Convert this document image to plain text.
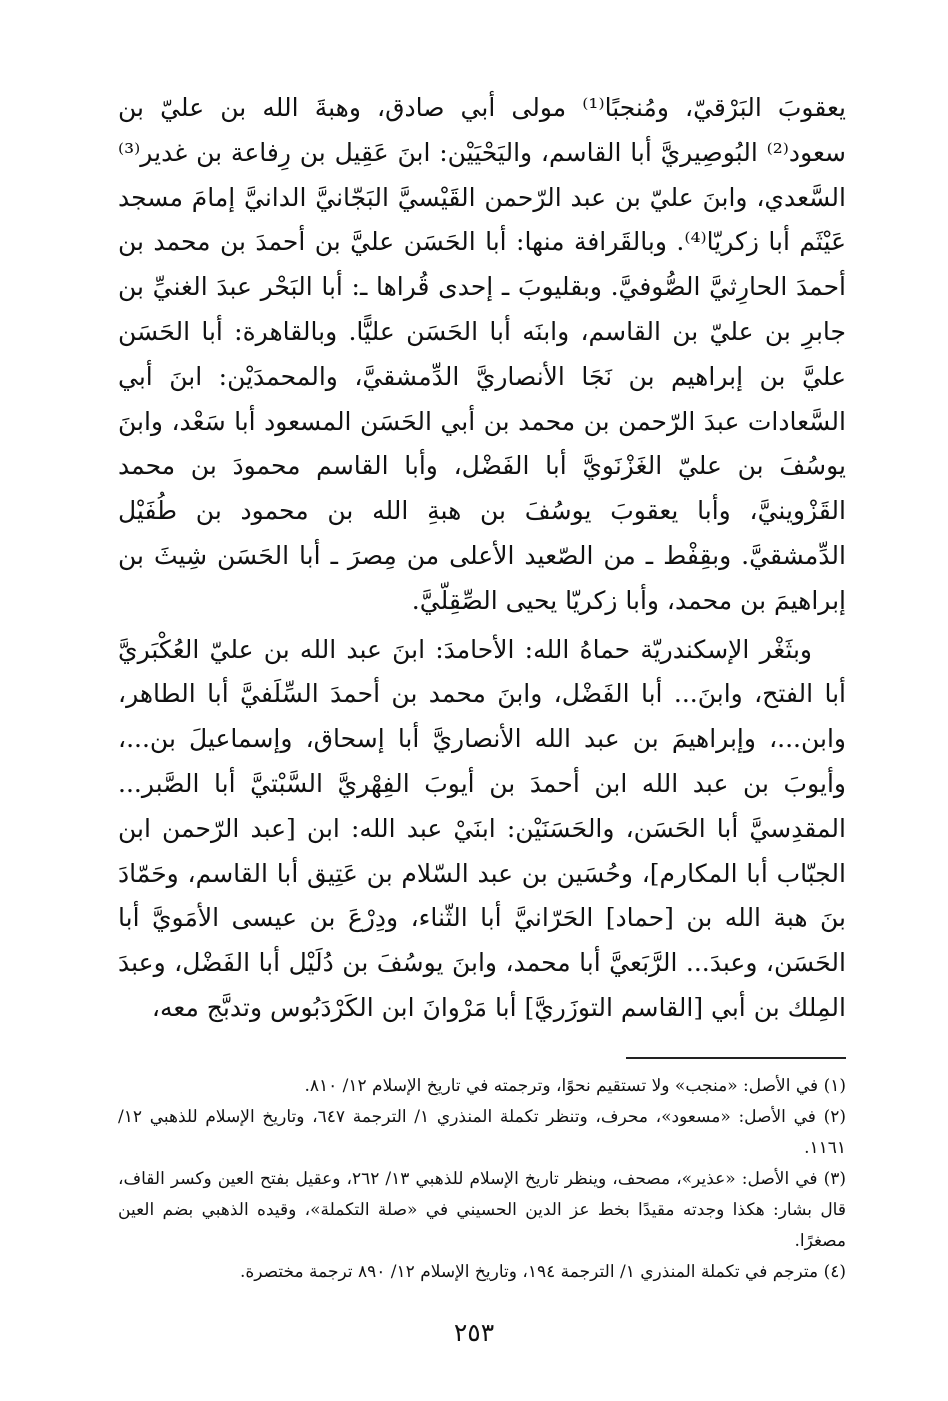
يعقوبَ البَرْقيّ، ومُنجبًا⁽¹⁾ مولى أبي صادق، وهبةَ الله بن عليّ بن سعود⁽²⁾ البُوصِيريَّ أبا القاسم، واليَحْيَيْن: ابنَ عَقِيل بن رِفاعة بن غدير⁽³⁾ السَّعدي، وابنَ عليّ بن عبد الرّحمن القَيْسيَّ البَجّانيَّ الدانيَّ إمامَ مسجد عَيْثَم أبا زكريّا⁽⁴⁾. وبالقَرافة منها: أبا الحَسَن عليَّ بن أحمدَ بن محمد بن أحمدَ الحارِثيَّ الصُّوفيَّ. وبقليوبَ ـ إحدى قُراها ـ: أبا البَحْر عبدَ الغنيِّ بن جابرِ بن عليّ بن القاسم، وابنَه أبا الحَسَن عليًّا. وبالقاهرة: أبا الحَسَن عليَّ بن إبراهيم بن نَجَا الأنصاريَّ الدِّمشقيَّ، والمحمدَيْن: ابنَ أبي السَّعادات عبدَ الرّحمن بن محمد بن أبي الحَسَن المسعود أبا سَعْد، وابنَ يوسُفَ بن عليّ الغَزْنَويَّ أبا الفَضْل، وأبا القاسم محمودَ بن محمد القَزْوينيَّ، وأبا يعقوبَ يوسُفَ بن هبةِ الله بن محمود بن طُفَيْل الدِّمشقيَّ. وبقِفْط ـ من الصّعيد الأعلى من مِصرَ ـ أبا الحَسَن شِيثَ بن إبراهيمَ بن محمد، وأبا زكريّا يحيى الصِّقِلّيَّ.

وبثَغْر الإسكندريّة حماهُ الله: الأحامدَ: ابنَ عبد الله بن عليّ العُكْبَريَّ أبا الفتح، وابنَ... أبا الفَضْل، وابنَ محمد بن أحمدَ السِّلَفيَّ أبا الطاهر، وابن...، وإبراهيمَ بن عبد الله الأنصاريَّ أبا إسحاق، وإسماعيلَ بن...، وأيوبَ بن عبد الله ابن أحمدَ بن أيوبَ الفِهْريَّ السَّبْتيَّ أبا الصَّبر... المقدِسيَّ أبا الحَسَن، والحَسَنَيْن: ابنَيْ عبد الله: ابن [عبد الرّحمن ابن الجبّاب أبا المكارم]، وحُسَين بن عبد السّلام بن عَتِيق أبا القاسم، وحَمّادَ بنَ هبة الله بن [حماد] الحَرّانيَّ أبا الثّناء، ودِرْعَ بن عيسى الأمَويَّ أبا الحَسَن، وعبدَ... الرَّبَعيَّ أبا محمد، وابنَ يوسُفَ بن دُلَيْل أبا الفَضْل، وعبدَ المِلك بن أبي [القاسم التوزَريَّ] أبا مَرْوانَ ابن الكَرْدَبُوس وتدبَّج معه،

(١) في الأصل: «منجب» ولا تستقيم نحوًا، وترجمته في تاريخ الإسلام ١٢/ ٨١٠.
(٢) في الأصل: «مسعود»، محرف، وتنظر تكملة المنذري ١/ الترجمة ٦٤٧، وتاريخ الإسلام للذهبي ١٢/ ١١٦١.
(٣) في الأصل: «عذير»، مصحف، وينظر تاريخ الإسلام للذهبي ١٣/ ٢٦٢، وعقيل بفتح العين وكسر القاف، قال بشار: هكذا وجدته مقيدًا بخط عز الدين الحسيني في «صلة التكملة»، وقيده الذهبي بضم العين مصغرًا.
(٤) مترجم في تكملة المنذري ١/ الترجمة ١٩٤، وتاريخ الإسلام ١٢/ ٨٩٠ ترجمة مختصرة.
٢٥٣
